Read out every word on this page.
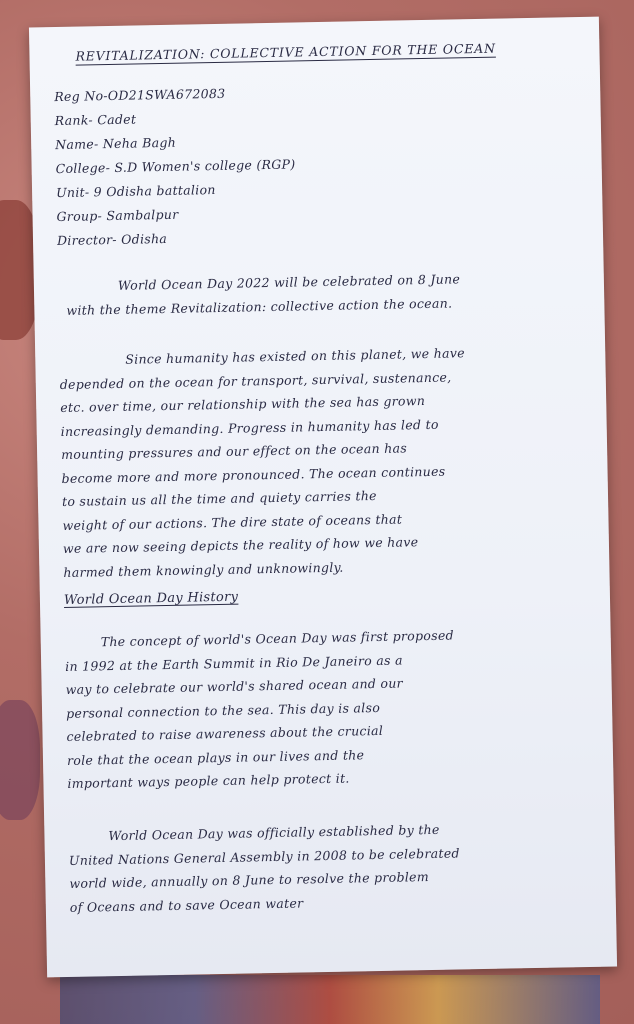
REVITALIZATION: COLLECTIVE ACTION FOR THE OCEAN
Reg No-OD21SWA672083
Rank- Cadet
Name- Neha Bagh
College- S.D Women's college (RGP)
Unit- 9 Odisha battalion
Group- Sambalpur
Director- Odisha
World Ocean Day 2022 will be celebrated on 8 June
with the theme Revitalization: collective action the ocean.
Since humanity has existed on this planet, we have
depended on the ocean for transport, survival, sustenance,
etc. over time, our relationship with the sea has grown
increasingly demanding. Progress in humanity has led to
mounting pressures and our effect on the ocean has
become more and more pronounced. The ocean continues
to sustain us all the time and quiety carries the
weight of our actions. The dire state of oceans that
we are now seeing depicts the reality of how we have
harmed them knowingly and unknowingly.
World Ocean Day History
The concept of world's Ocean Day was first proposed
in 1992 at the Earth Summit in Rio De Janeiro as a
way to celebrate our world's shared ocean and our
personal connection to the sea. This day is also
celebrated to raise awareness about the crucial
role that the ocean plays in our lives and the
important ways people can help protect it.
World Ocean Day was officially established by the
United Nations General Assembly in 2008 to be celebrated
world wide, annually on 8 June to resolve the problem
of Oceans and to save Ocean water
